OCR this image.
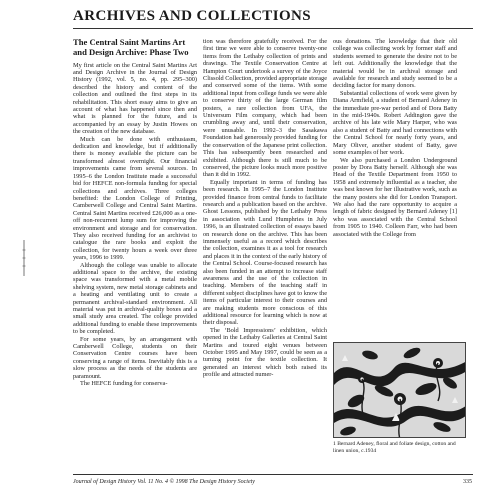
ARCHIVES AND COLLECTIONS
The Central Saint Martins Art and Design Archive: Phase Two
My first article on the Central Saint Martins Art and Design Archive in the Journal of Design History (1992, vol. 5, no. 4, pp. 295–300) described the history and content of the collection and outlined the first steps in its rehabilitation. This short essay aims to give an account of what has happened since then and what is planned for the future, and is accompanied by an essay by Justin Howes on the creation of the new database.
Much can be done with enthusiasm, dedication and knowledge, but if additionally there is money available the picture can be transformed almost overnight. Our financial improvements came from several sources. In 1995–6 the London Institute made a successful bid for HEFCE non-formula funding for special collections and archives. Three colleges benefited: the London College of Printing, Camberwell College and Central Saint Martins. Central Saint Martins received £26,000 as a one-off non-recurrent lump sum for improving the environment and storage and for conservation. They also received funding for an archivist to catalogue the rare books and exploit the collection, for twenty hours a week over three years, 1996 to 1999.
Although the college was unable to allocate additional space to the archive, the existing space was transformed with a metal mobile shelving system, new metal storage cabinets and a heating and ventilating unit to create a permanent archival-standard environment. All material was put in archival-quality boxes and a small study area created. The college provided additional funding to enable these improvements to be completed.
For some years, by an arrangement with Camberwell College, students on their Conservation Centre courses have been conserving a range of items. Inevitably this is a slow process as the needs of the students are paramount.
The HEFCE funding for conserva-
tion was therefore gratefully received. For the first time we were able to conserve twenty-one items from the Lethaby collection of prints and drawings. The Textile Conservation Centre at Hampton Court undertook a survey of the Joyce Clissold Collection, provided appropriate storage and conserved some of the items. With some additional input from college funds we were able to conserve thirty of the large German film posters, a rare collection from UFA, the Universum Film company, which had been crumbling away and, until their conservation, were unusable. In 1992–3 the Sasakawa Foundation had generously provided funding for the conservation of the Japanese print collection. This has subsequently been researched and exhibited. Although there is still much to be conserved, the picture looks much more positive than it did in 1992.
Equally important in terms of funding has been research. In 1995–7 the London Institute provided finance from central funds to facilitate research and a publication based on the archive. Ghost Lessons, published by the Lethaby Press in association with Lund Humphries in July 1996, is an illustrated collection of essays based on research done on the archive. This has been immensely useful as a record which describes the collection, examines it as a tool for research and places it in the context of the early history of the Central School. Course-focused research has also been funded in an attempt to increase staff awareness and the use of the collection in teaching. Members of the teaching staff in different subject disciplines have got to know the items of particular interest to their courses and are making students more conscious of this additional resource for learning which is now at their disposal.
The ‘Bold Impressions’ exhibition, which opened in the Lethaby Galleries at Central Saint Martins and toured eight venues between October 1995 and May 1997, could be seen as a turning point for the textile collection. It generated an interest which both raised its profile and attracted numer-
ous donations. The knowledge that their old college was collecting work by former staff and students seemed to generate the desire not to be left out. Additionally the knowledge that the material would be in archival storage and available for research and study seemed to be a deciding factor for many donors.
Substantial collections of work were given by Diana Armfield, a student of Bernard Adeney in the immediate pre-war period and of Dora Batty in the mid-1940s. Robert Addington gave the archive of his late wife Mary Harper, who was also a student of Batty and had connections with the Central School for nearly forty years, and Mary Oliver, another student of Batty, gave some examples of her work.
We also purchased a London Underground poster by Dora Batty herself. Although she was Head of the Textile Department from 1950 to 1958 and extremely influential as a teacher, she was best known for her illustrative work, such as the many posters she did for London Transport. We also had the rare opportunity to acquire a length of fabric designed by Bernard Adeney [1] who was associated with the Central School from 1905 to 1940. Colleen Farr, who had been associated with the College from
1 Bernard Adeney, floral and foliate design, cotton and linen union, c.1934
Journal of Design History Vol. 11 No. 4 © 1998 The Design History Society	335
